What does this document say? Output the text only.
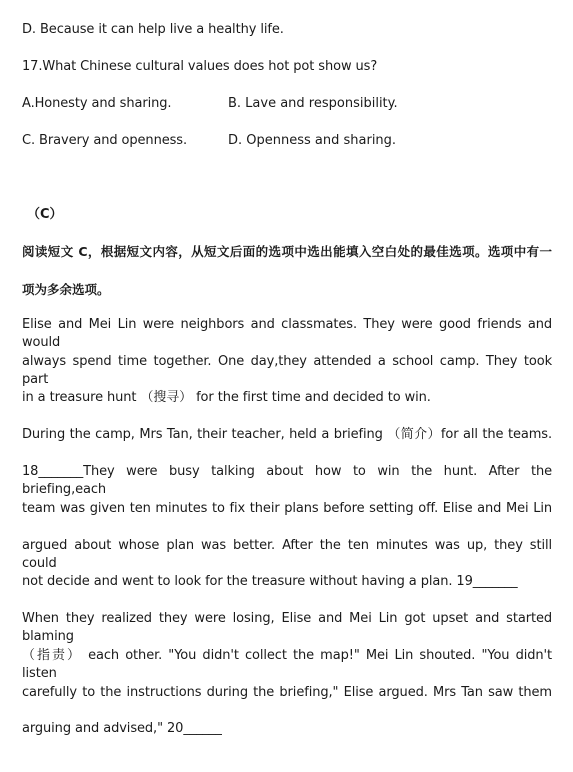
D. Because it can help live a healthy life.
17.What Chinese cultural values does hot pot show us?
A.Honesty and sharing.	B. Lave and responsibility.
C. Bravery and openness.	D. Openness and sharing.
（C）
阅读短文 C，根据短文内容，从短文后面的选项中选出能填入空白处的最佳选项。选项中有一
项为多余选项。
Elise and Mei Lin were neighbors and classmates. They were good friends and would
always spend time together. One day,they attended a school camp. They took part
in a treasure hunt （搜寻） for the first time and decided to win.
During the camp, Mrs Tan, their teacher, held a briefing （简介）for all the teams.
18_______They were busy talking about how to win the hunt. After the briefing,each
team was given ten minutes to fix their plans before setting off. Elise and Mei Lin
argued about whose plan was better. After the ten minutes was up, they still could
not decide and went to look for the treasure without having a plan. 19_______
When they realized they were losing, Elise and Mei Lin got upset and started blaming
（指责） each other. "You didn't collect the map!" Mei Lin shouted. "You didn't listen
carefully to the instructions during the briefing," Elise argued. Mrs Tan saw them
arguing and advised," 20______
